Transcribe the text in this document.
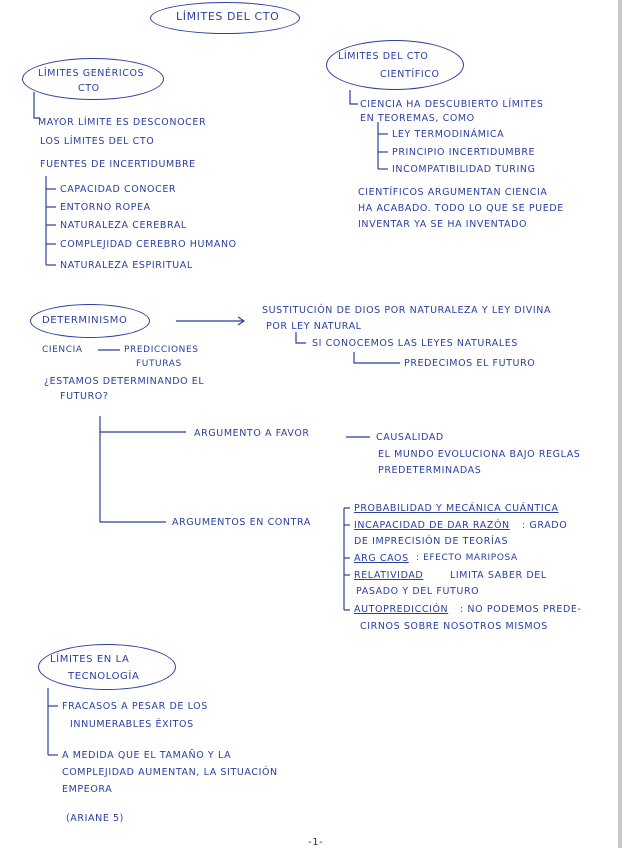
LÍMITES DEL CTO
LÍMITES GENÉRICOS
CTO
MAYOR LÍMITE ES DESCONOCER
LOS LÍMITES DEL CTO
FUENTES DE INCERTIDUMBRE
CAPACIDAD CONOCER
ENTORNO ROPEA
NATURALEZA CEREBRAL
COMPLEJIDAD CEREBRO HUMANO
NATURALEZA ESPIRITUAL
LÍMITES DEL CTO
CIENTÍFICO
CIENCIA HA DESCUBIERTO LÍMITES
EN TEOREMAS, COMO
LEY TERMODINÁMICA
PRINCIPIO INCERTIDUMBRE
INCOMPATIBILIDAD TURING
CIENTÍFICOS ARGUMENTAN CIENCIA
HA ACABADO. TODO LO QUE SE PUEDE
INVENTAR YA SE HA INVENTADO
DETERMINISMO
SUSTITUCIÓN DE DIOS POR NATURALEZA Y LEY DIVINA
POR LEY NATURAL
SI CONOCEMOS LAS LEYES NATURALES
PREDECIMOS EL FUTURO
CIENCIA	PREDICCIONES
FUTURAS
¿ESTAMOS DETERMINANDO EL
FUTURO?
ARGUMENTO A FAVOR	CAUSALIDAD
EL MUNDO EVOLUCIONA BAJO REGLAS
PREDETERMINADAS
ARGUMENTOS EN CONTRA
PROBABILIDAD Y MECÁNICA CUÁNTICA
INCAPACIDAD DE DAR RAZÓN : GRADO
DE IMPRECISIÓN DE TEORÍAS
ARG CAOS : EFECTO MARIPOSA
RELATIVIDAD	LIMITA SABER DEL
PASADO Y DEL FUTURO
AUTOPREDICCIÓN : NO PODEMOS PREDE-
CIRNOS SOBRE NOSOTROS MISMOS
LÍMITES EN LA
TECNOLOGÍA
FRACASOS A PESAR DE LOS
INNUMERABLES ÉXITOS
A MEDIDA QUE EL TAMAÑO Y LA
COMPLEJIDAD AUMENTAN, LA SITUACIÓN
EMPEORA
(ARIANE 5)
-1-
